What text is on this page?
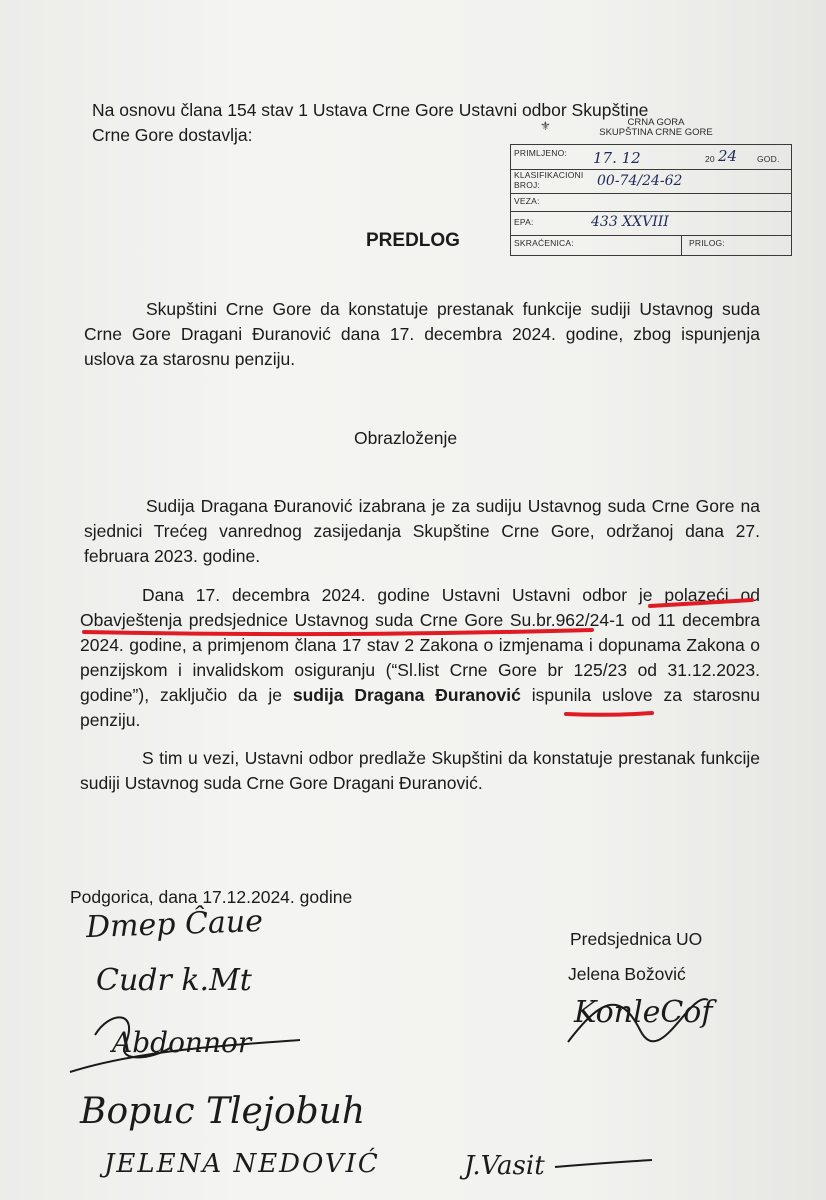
Na osnovu člana 154 stav 1 Ustava Crne Gore Ustavni odbor Skupštine
Crne Gore dostavlja:	⚜	CRNA GORA
SKUPŠTINA CRNE GORE
PRIMLJENO: 17. 12	20 24 GOD.
KLASIFIKACIONI
BROJ:	00-74/24-62
VEZA:
EPA:	433 XXVIII
SKRAĆENICA:	PRILOG:

PREDLOG

Skupštini Crne Gore da konstatuje prestanak funkcije sudiji Ustavnog suda Crne Gore Dragani Đuranović dana 17. decembra 2024. godine, zbog ispunjenja uslova za starosnu penziju.

Obrazloženje

Sudija Dragana Đuranović izabrana je za sudiju Ustavnog suda Crne Gore na sjednici Trećeg vanrednog zasijedanja Skupštine Crne Gore, održanoj dana 27. februara 2023. godine.

Dana 17. decembra 2024. godine Ustavni Ustavni odbor je polazeći od Obavještenja predsjednice Ustavnog suda Crne Gore Su.br.962/24-1 od 11 decembra 2024. godine, a primjenom člana 17 stav 2 Zakona o izmjenama i dopunama Zakona o penzijskom i invalidskom osiguranju (“Sl.list Crne Gore br 125/23 od 31.12.2023. godine”), zaključio da je sudija Dragana Đuranović ispunila uslove za starosnu penziju.

S tim u vezi, Ustavni odbor predlaže Skupštini da konstatuje prestanak funkcije sudiji Ustavnog suda Crne Gore Dragani Đuranović.

Podgorica, dana 17.12.2024. godine

Predsjednica UO

Jelena Božović

Dmep Ĉaue
Cudr k.Mt
Abdonnor
Bopuc Tlejobuh
JELENA NEDOVIĆ	J.Vasit
KonleCof
